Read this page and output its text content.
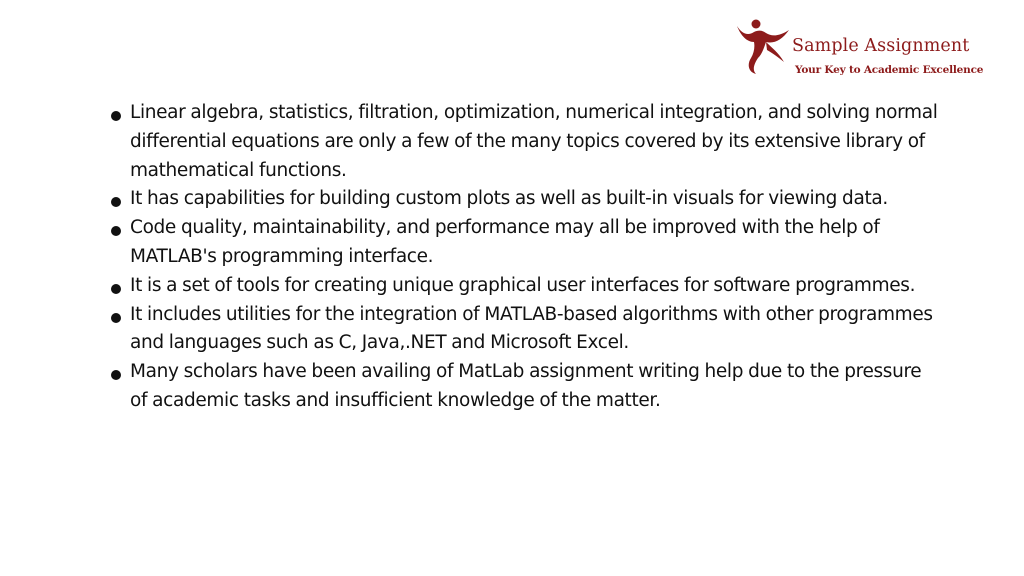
Sample Assignment
Your Key to Academic Excellence
Linear algebra, statistics, filtration, optimization, numerical integration, and solving normal differential equations are only a few of the many topics covered by its extensive library of mathematical functions.
It has capabilities for building custom plots as well as built-in visuals for viewing data.
Code quality, maintainability, and performance may all be improved with the help of MATLAB's programming interface.
It is a set of tools for creating unique graphical user interfaces for software programmes.
It includes utilities for the integration of MATLAB-based algorithms with other programmes and languages such as C, Java,.NET and Microsoft Excel.
Many scholars have been availing of MatLab assignment writing help due to the pressure of academic tasks and insufficient knowledge of the matter.
